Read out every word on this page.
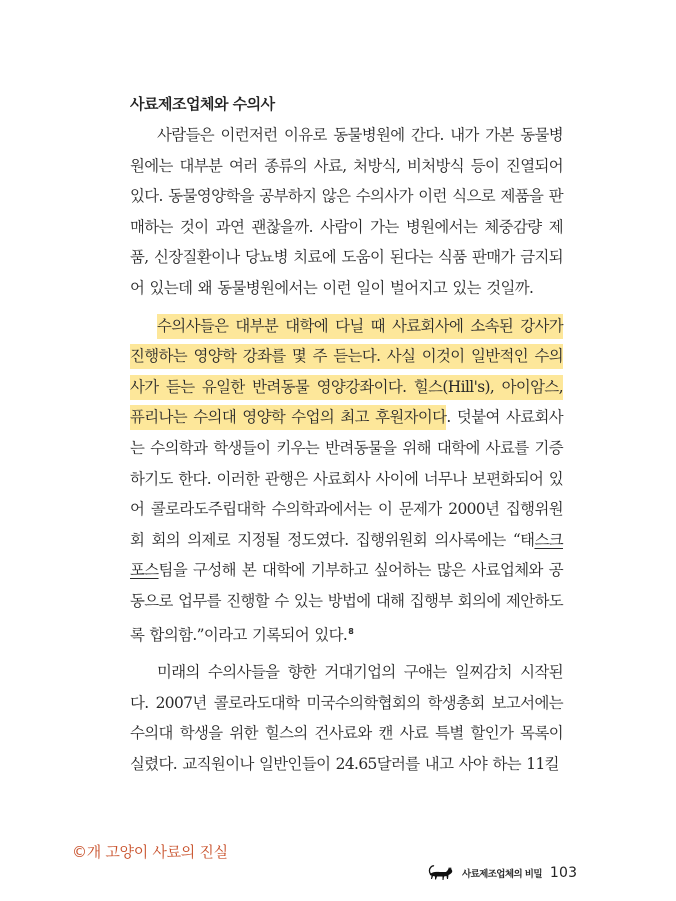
사료제조업체와 수의사

사람들은 이런저런 이유로 동물병원에 간다. 내가 가본 동물병원에는 대부분 여러 종류의 사료, 처방식, 비처방식 등이 진열되어 있다. 동물영양학을 공부하지 않은 수의사가 이런 식으로 제품을 판매하는 것이 과연 괜찮을까. 사람이 가는 병원에서는 체중감량 제품, 신장질환이나 당뇨병 치료에 도움이 된다는 식품 판매가 금지되어 있는데 왜 동물병원에서는 이런 일이 벌어지고 있는 것일까.

수의사들은 대부분 대학에 다닐 때 사료회사에 소속된 강사가 진행하는 영양학 강좌를 몇 주 듣는다. 사실 이것이 일반적인 수의사가 듣는 유일한 반려동물 영양강좌이다. 힐스(Hill's), 아이암스, 퓨리나는 수의대 영양학 수업의 최고 후원자이다. 덧붙여 사료회사는 수의학과 학생들이 키우는 반려동물을 위해 대학에 사료를 기증하기도 한다. 이러한 관행은 사료회사 사이에 너무나 보편화되어 있어 콜로라도주립대학 수의학과에서는 이 문제가 2000년 집행위원회 회의 의제로 지정될 정도였다. 집행위원회 의사록에는 “태스크포스팀을 구성해 본 대학에 기부하고 싶어하는 많은 사료업체와 공동으로 업무를 진행할 수 있는 방법에 대해 집행부 회의에 제안하도록 합의함.”이라고 기록되어 있다.$^8$

미래의 수의사들을 향한 거대기업의 구애는 일찌감치 시작된다. 2007년 콜로라도대학 미국수의학협회의 학생총회 보고서에는 수의대 학생을 위한 힐스의 건사료와 캔 사료 특별 할인가 목록이 실렸다. 교직원이나 일반인들이 24.65달러를 내고 사야 하는 11킬

©개 고양이 사료의 진실
사료제조업체의 비밀 103
